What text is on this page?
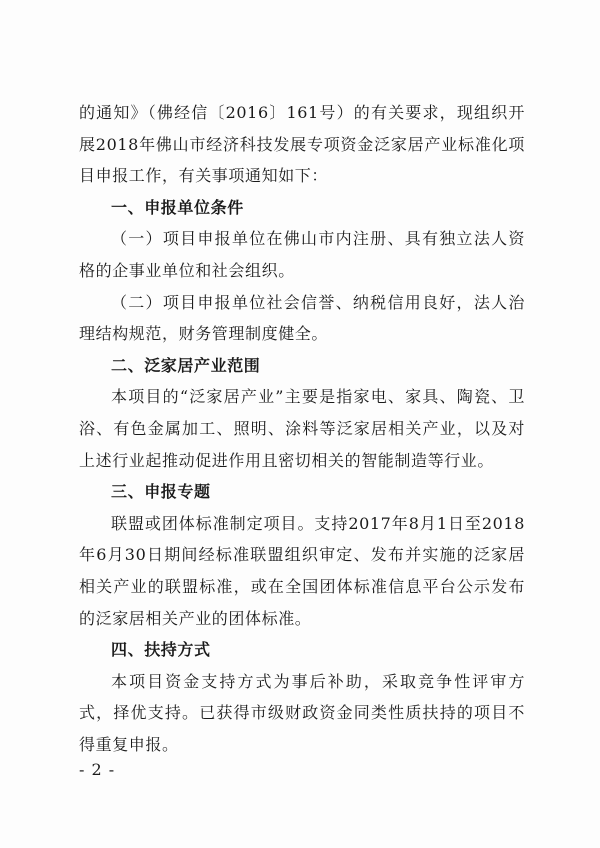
的通知》（佛经信〔2016〕161号）的有关要求，现组织开展2018年佛山市经济科技发展专项资金泛家居产业标准化项目申报工作，有关事项通知如下：

一、申报单位条件

（一）项目申报单位在佛山市内注册、具有独立法人资格的企事业单位和社会组织。

（二）项目申报单位社会信誉、纳税信用良好，法人治理结构规范，财务管理制度健全。

二、泛家居产业范围

本项目的“泛家居产业”主要是指家电、家具、陶瓷、卫浴、有色金属加工、照明、涂料等泛家居相关产业，以及对上述行业起推动促进作用且密切相关的智能制造等行业。

三、申报专题

联盟或团体标准制定项目。支持2017年8月1日至2018年6月30日期间经标准联盟组织审定、发布并实施的泛家居相关产业的联盟标准，或在全国团体标准信息平台公示发布的泛家居相关产业的团体标准。

四、扶持方式

本项目资金支持方式为事后补助，采取竞争性评审方式，择优支持。已获得市级财政资金同类性质扶持的项目不得重复申报。

- 2 -
